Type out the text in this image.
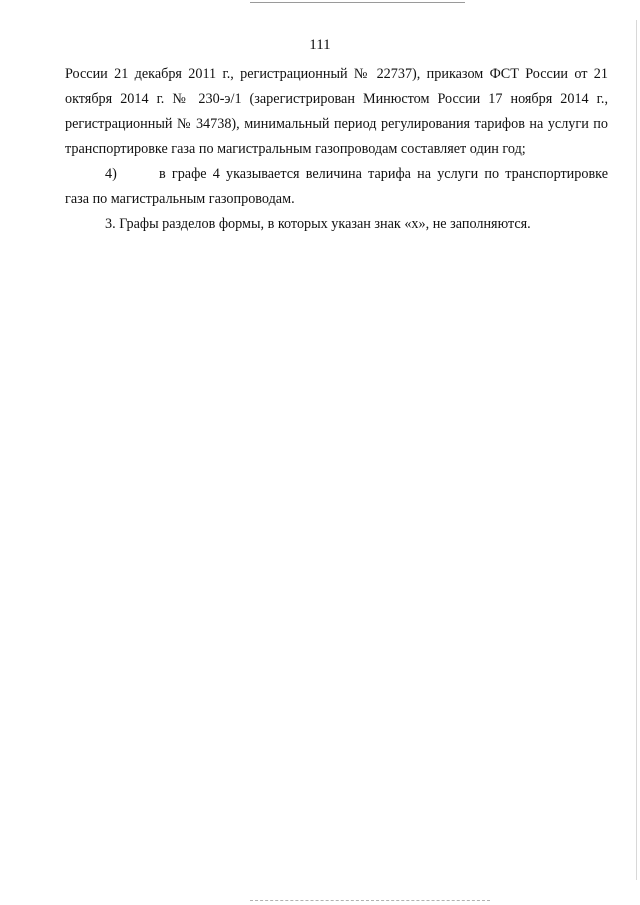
111

России 21 декабря 2011 г., регистрационный № 22737), приказом ФСТ России от 21 октября 2014 г. № 230-э/1 (зарегистрирован Минюстом России 17 ноября 2014 г., регистрационный № 34738), минимальный период регулирования тарифов на услуги по транспортировке газа по магистральным газопроводам составляет один год;

4)	в графе 4 указывается величина тарифа на услуги по транспортировке газа по магистральным газопроводам.

3. Графы разделов формы, в которых указан знак «х», не заполняются.
